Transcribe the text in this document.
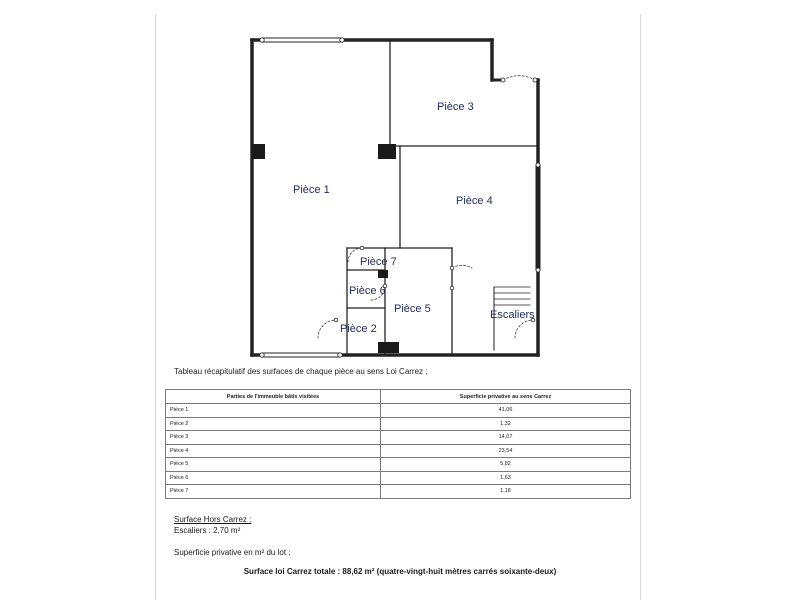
Pièce 3
Pièce 1
Pièce 4
Pièce 7
Pièce 6
Pièce 5
Pièce 2
Escaliers
Tableau récapitulatif des surfaces de chaque pièce au sens Loi Carrez :
Parties de l'immeuble bâtis visitées	Superficie privative au sens Carrez
Pièce 1	41,06
Pièce 2	1,32
Pièce 3	14,07
Pièce 4	23,54
Pièce 5	5,82
Pièce 6	1,63
Pièce 7	1,18
Surface Hors Carrez :
Escaliers : 2,70 m²
Superficie privative en m² du lot :
Surface loi Carrez totale : 88,62 m² (quatre-vingt-huit mètres carrés soixante-deux)
